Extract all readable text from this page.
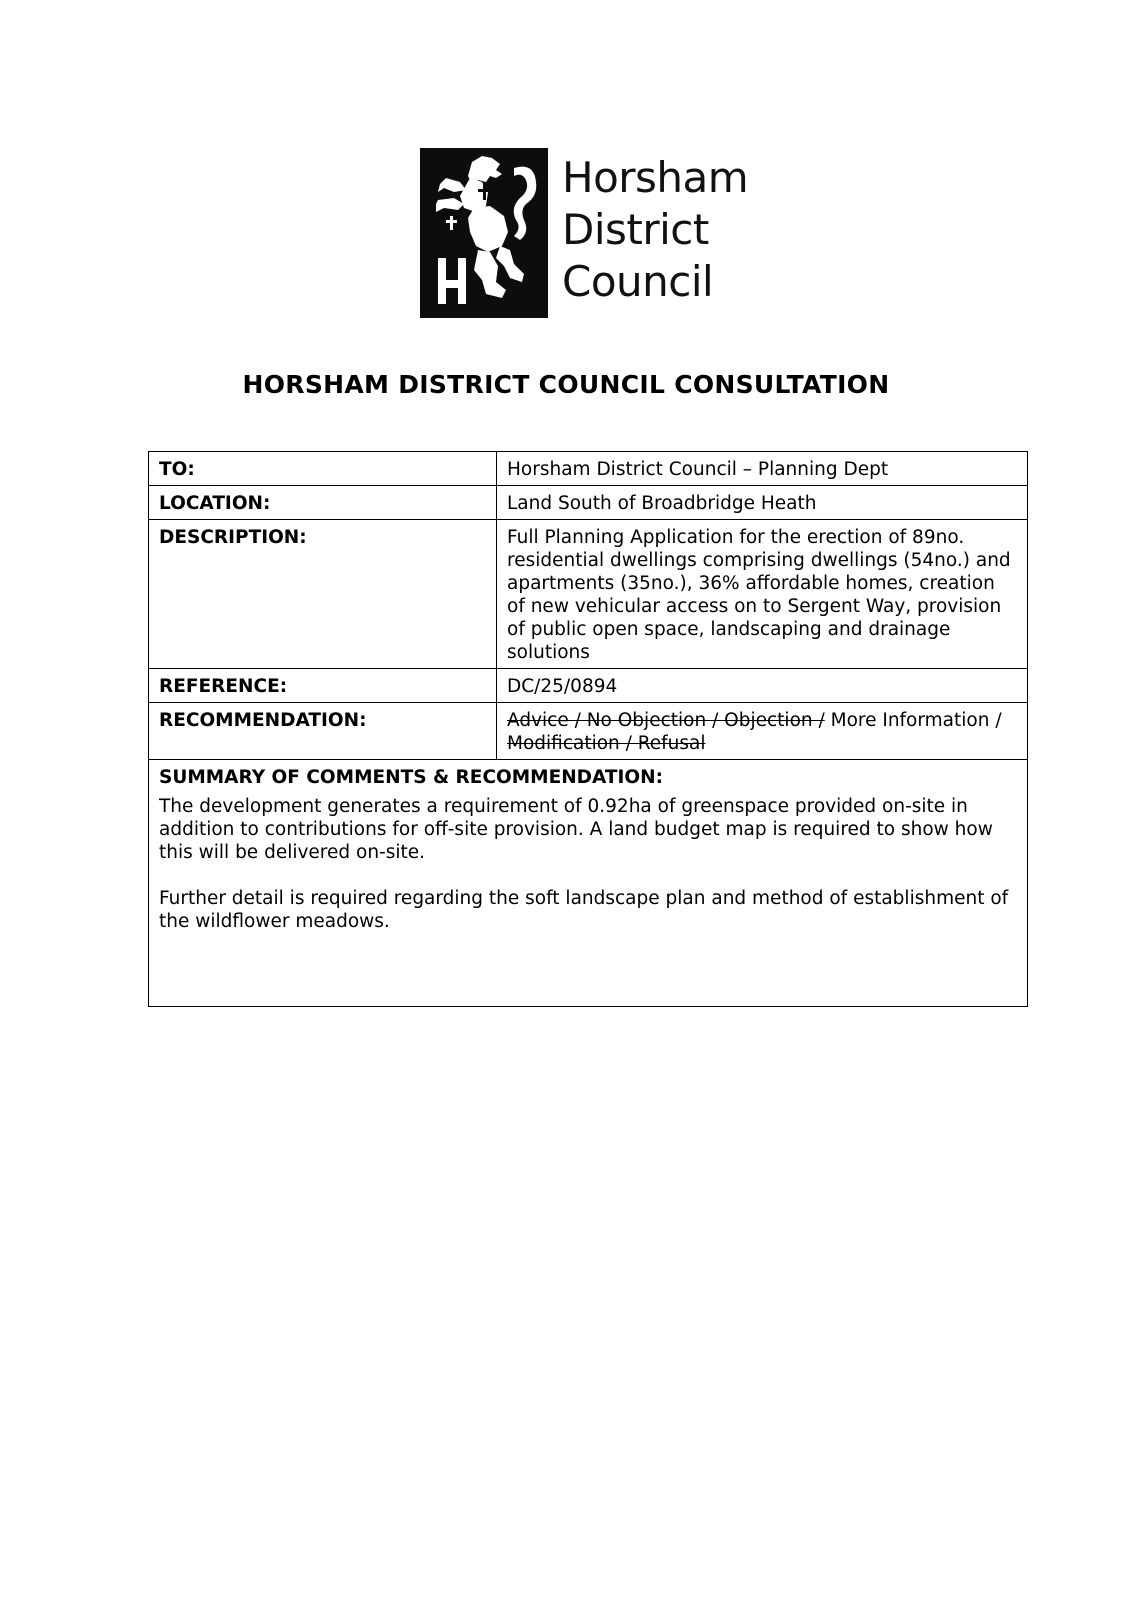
Horsham
District
Council
HORSHAM DISTRICT COUNCIL CONSULTATION
TO:	Horsham District Council – Planning Dept
LOCATION:	Land South of Broadbridge Heath
DESCRIPTION:	Full Planning Application for the erection of 89no. residential dwellings comprising dwellings (54no.) and apartments (35no.), 36% affordable homes, creation of new vehicular access on to Sergent Way, provision of public open space, landscaping and drainage solutions
REFERENCE:	DC/25/0894
RECOMMENDATION:	Advice / No Objection / Objection / More Information / Modification / Refusal

SUMMARY OF COMMENTS & RECOMMENDATION:

The development generates a requirement of 0.92ha of greenspace provided on-site in addition to contributions for off-site provision. A land budget map is required to show how this will be delivered on-site.

Further detail is required regarding the soft landscape plan and method of establishment of the wildflower meadows.	
